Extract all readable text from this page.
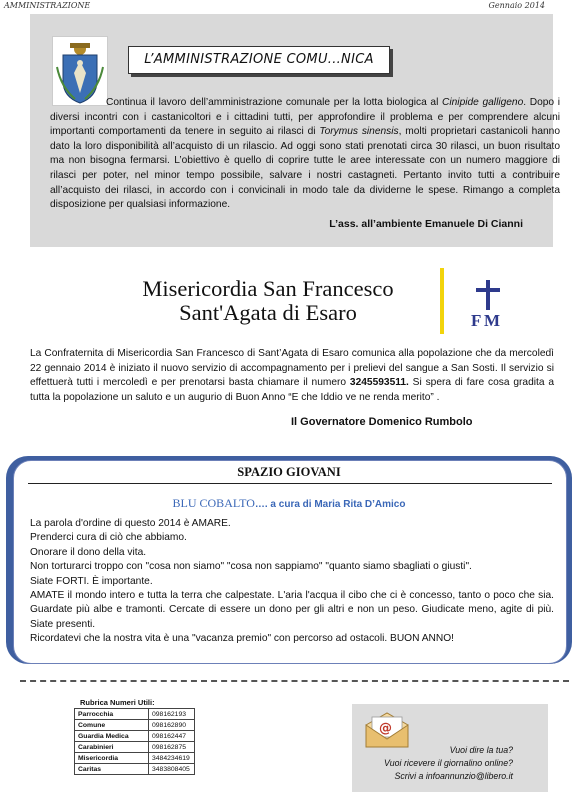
AMMINISTRAZIONE	Gennaio 2014
L’AMMINISTRAZIONE COMU...NICA

Continua il lavoro dell’amministrazione comunale per la lotta biologica al Cinipide galligeno. Dopo i diversi incontri con i castanicoltori e i cittadini tutti, per approfondire il problema e per comprendere alcuni importanti comportamenti da tenere in seguito ai rilasci di Torymus sinensis, molti proprietari castanicoli hanno dato la loro disponibilità all’acquisto di un rilascio. Ad oggi sono stati prenotati circa 30 rilasci, un buon risultato ma non bisogna fermarsi. L’obiettivo è quello di coprire tutte le aree interessate con un numero maggiore di rilasci per poter, nel minor tempo possibile, salvare i nostri castagneti. Pertanto invito tutti a contribuire all’acquisto dei rilasci, in accordo con i convicinali in modo tale da dividerne le spese. Rimango a completa disposizione per qualsiasi informazione.

L’ass. all’ambiente Emanuele Di Cianni
Misericordia San Francesco
Sant'Agata di Esaro	F M
La Confraternita di Misericordia San Francesco di Sant’Agata di Esaro comunica alla popolazione che da mercoledì 22 gennaio 2014 è iniziato il nuovo servizio di accompagnamento per i prelievi del sangue a San Sosti. Il servizio si effettuerà tutti i mercoledì e per prenotarsi basta chiamare il numero 3245593511. Si spera di fare cosa gradita a tutta la popolazione un saluto e un augurio di Buon Anno “E che Iddio ve ne renda merito” .
Il Governatore Domenico Rumbolo
SPAZIO GIOVANI
BLU COBALTO…. a cura di Maria Rita D’Amico
La parola d'ordine di questo 2014 è AMARE.
Prenderci cura di ciò che abbiamo.
Onorare il dono della vita.
Non torturarci troppo con "cosa non siamo" "cosa non sappiamo" "quanto siamo sbagliati o giusti".
Siate FORTI. È importante.
AMATE il mondo intero e tutta la terra che calpestate. L'aria l'acqua il cibo che ci è concesso, tanto o poco che sia. Guardate più albe e tramonti. Cercate di essere un dono per gli altri e non un peso. Giudicate meno, agite di più. Siate presenti.
Ricordatevi che la nostra vita è una "vacanza premio" con percorso ad ostacoli. BUON ANNO!
Rubrica Numeri Utili:
Parrocchia	098162193
Comune	098162890
Guardia Medica	098162447
Carabinieri	098162875
Misericordia	3484234619
Caritas	3483808405
@
Vuoi dire la tua?
Vuoi ricevere il giornalino online?
Scrivi a infoannunzio@libero.it
